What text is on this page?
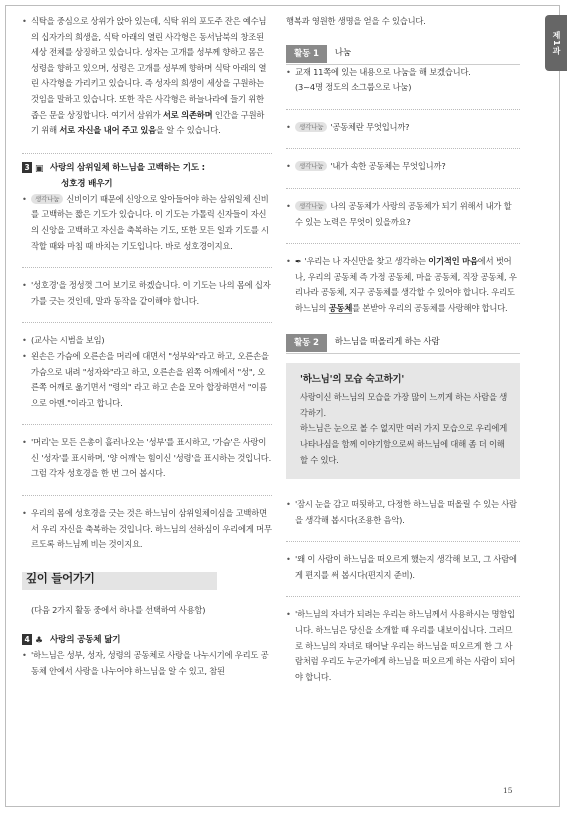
제1과

• 식탁을 중심으로 상위가 앉아 있는데, 식탁 위의 포도주 잔은 예수님의 십자가의 희생을, 식탁 아래의 열린 사각형은 동서남북의 창조된 세상 전체를 상징하고 있습니다. 성자는 고개를 성부께 향하고 몸은 성령을 향하고 있으며, 성령은 고개를 성부께 향하며 식탁 아래의 열린 사각형을 가리키고 있습니다. 즉 성자의 희생이 세상을 구원하는 것임을 말하고 있습니다. 또한 작은 사각형은 하늘나라에 들기 위한 좁은 문을 상징합니다. 여기서 삼위가 서로 의존하며 인간을 구원하기 위해 서로 자신을 내어 주고 있음을 알 수 있습니다.

3 ▣ 사랑의 삼위일체 하느님을 고백하는 기도 :
성호경 배우기

• 생각나눔 신비이기 때문에 신앙으로 알아들어야 하는 삼위일체 신비를 고백하는 짧은 기도가 있습니다. 이 기도는 가톨릭 신자들이 자신의 신앙을 고백하고 자신을 축복하는 기도, 또한 모든 일과 기도를 시작할 때와 마침 때 바치는 기도입니다. 바로 성호경이지요.

• '성호경'을 정성껏 그어 보기로 하겠습니다. 이 기도는 나의 몸에 십자가를 긋는 것인데, 말과 동작을 같이해야 합니다.

• (교사는 시범을 보임)

• 왼손은 가슴에 오른손을 머리에 대면서 "성부와"라고 하고, 오른손을 가슴으로 내려 "성자와"라고 하고, 오른손을 왼쪽 어깨에서 "성", 오른쪽 어깨로 옮기면서 "령의" 라고 하고 손을 모아 합장하면서 "이름으로 아멘."이라고 합니다.

• '머리'는 모든 은총이 흘러나오는 '성부'를 표시하고, '가슴'은 사랑이신 '성자'를 표시하며, '양 어깨'는 힘이신 '성령'을 표시하는 것입니다. 그럼 각자 성호경을 한 번 그어 봅시다.

• 우리의 몸에 성호경을 긋는 것은 하느님이 삼위일체이심을 고백하면서 우리 자신을 축복하는 것입니다. 하느님의 선하심이 우리에게 머무르도록 하느님께 비는 것이지요.

깊이 들어가기

(다음 2가지 활동 중에서 하나를 선택하여 사용함)

4 ♣ 사랑의 공동체 닮기

• '하느님은 성부, 성자, 성령의 공동체로 사랑을 나누시기에 우리도 공동체 안에서 사랑을 나누어야 하느님을 알 수 있고, 참된

행복과 영원한 생명을 얻을 수 있습니다.

활동 1	나눔

• 교재 11쪽에 있는 내용으로 나눔을 해 보겠습니다.
(3~4명 정도의 소그룹으로 나눔)

• 생각나눔 '공동체란 무엇입니까?

• 생각나눔 '내가 속한 공동체는 무엇입니까?

• 생각나눔 나의 공동체가 사랑의 공동체가 되기 위해서 내가 할 수 있는 노력은 무엇이 있을까요?

• ✒ '우리는 나 자신만을 찾고 생각하는 이기적인 마음에서 벗어나, 우리의 공동체 즉 가정 공동체, 마을 공동체, 직장 공동체, 우리나라 공동체, 지구 공동체를 생각할 수 있어야 합니다. 우리도 하느님의 공동체를 본받아 우리의 공동체를 사랑해야 합니다.

활동 2	하느님을 떠올리게 하는 사람
'하느님'의 모습 숙고하기'

사랑이신 하느님의 모습을 가장 많이 느끼게 하는 사람을 생각하기.

하느님은 눈으로 볼 수 없지만 여러 가지 모습으로 우리에게 나타나심을 함께 이야기함으로써 하느님에 대해 좀 더 이해할 수 있다.

• '잠시 눈을 감고 떠됫하고, 다정한 하느님을 떠올릴 수 있는 사람을 생각해 봅시다(조용한 음악).

• '왜 이 사람이 하느님을 떠오르게 했는지 생각해 보고, 그 사람에게 편지를 써 봅시다(편지지 준비).

• '하느님의 자녀가 되려는 우리는 하느님께서 사용하시는 명함입니다. 하느님은 당신을 소개할 때 우리를 내보이십니다. 그러므로 하느님의 자녀로 태어날 우리는 하느님을 떠오르게 한 그 사람처럼 우리도 누군가에게 하느님을 떠오르게 하는 사람이 되어야 합니다.

15
